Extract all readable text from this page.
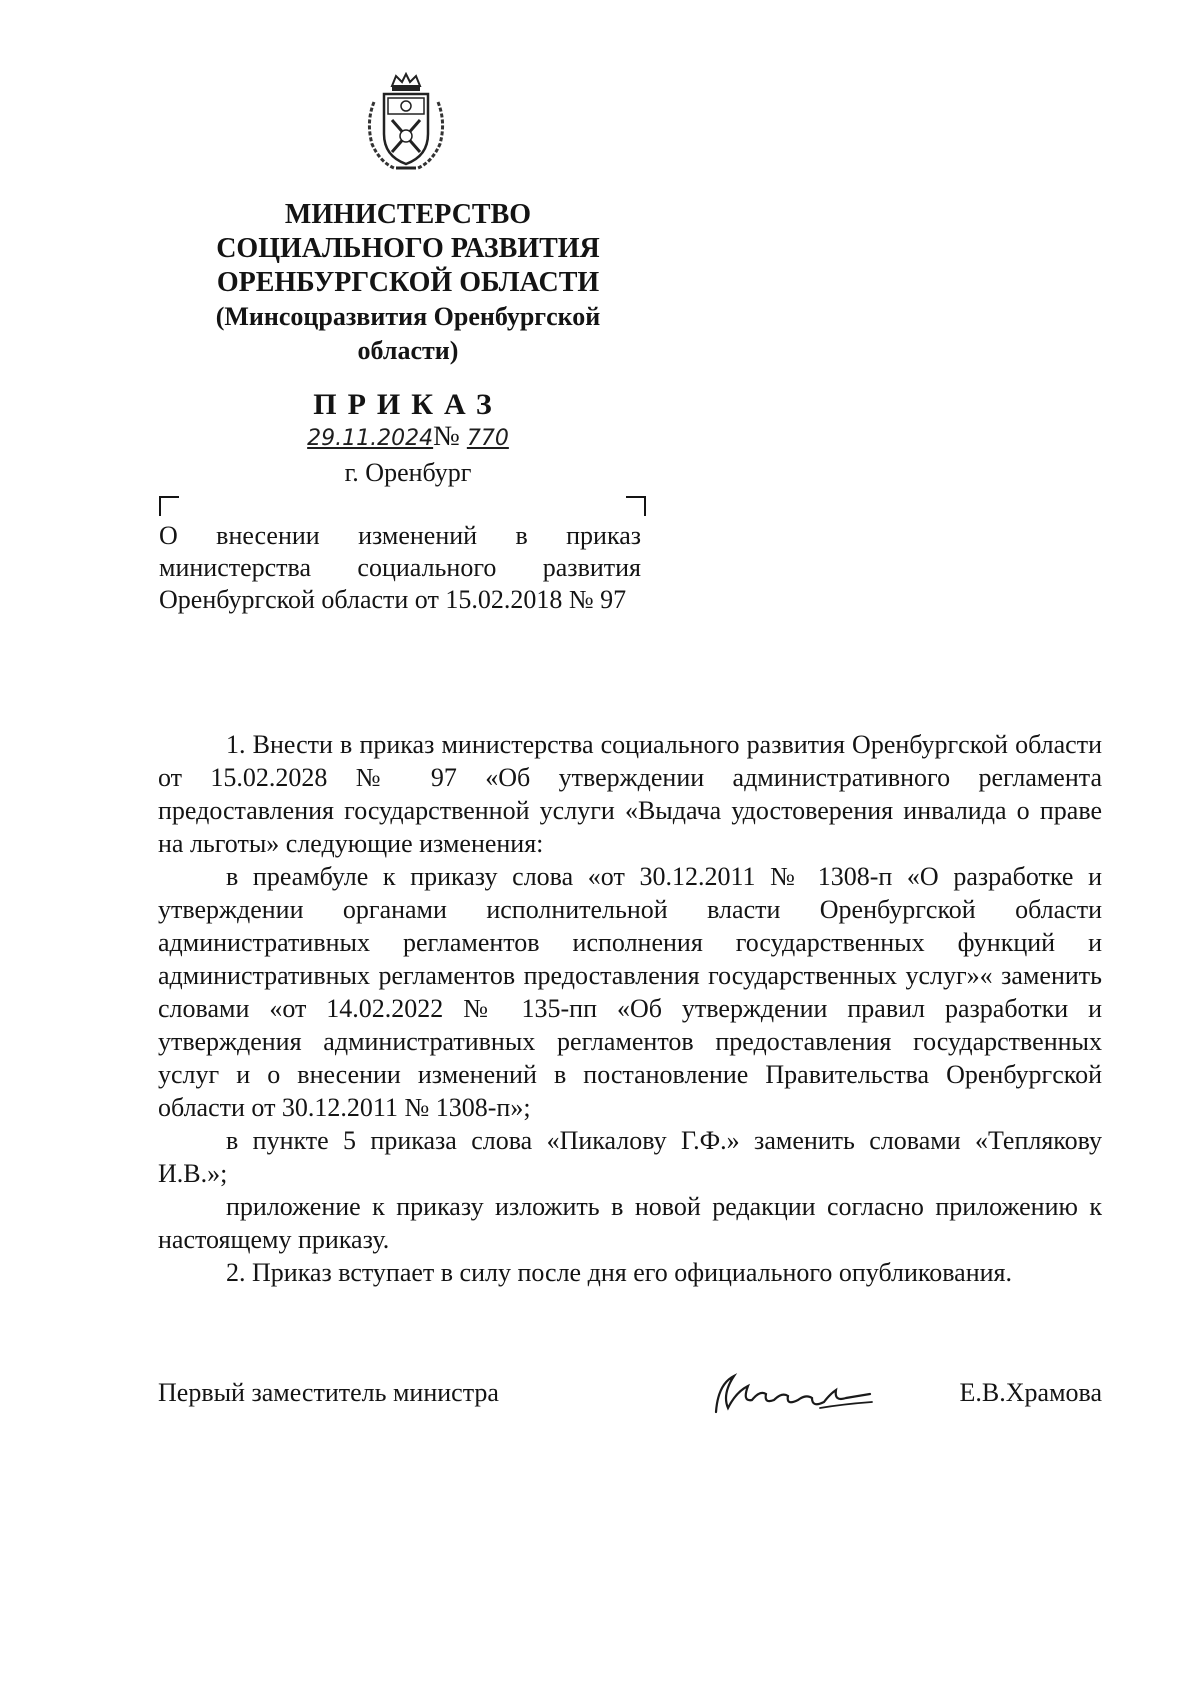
МИНИСТЕРСТВО

СОЦИАЛЬНОГО РАЗВИТИЯ

ОРЕНБУРГСКОЙ ОБЛАСТИ

(Минсоцразвития Оренбургской

области)

ПРИКАЗ

29.11.2024№ 770
г. Оренбург

О внесении изменений в приказ министерства социального развития Оренбургской области от 15.02.2018 № 97

1. Внести в приказ министерства социального развития Оренбургской области от 15.02.2028 № 97 «Об утверждении административного регламента предоставления государственной услуги «Выдача удостоверения инвалида о праве на льготы» следующие изменения:

в преамбуле к приказу слова «от 30.12.2011 № 1308-п «О разработке и утверждении органами исполнительной власти Оренбургской области административных регламентов исполнения государственных функций и административных регламентов предоставления государственных услуг»« заменить словами «от 14.02.2022 № 135-пп «Об утверждении правил разработки и утверждения административных регламентов предоставления государственных услуг и о внесении изменений в постановление Правительства Оренбургской области от 30.12.2011 № 1308-п»;

в пункте 5 приказа слова «Пикалову Г.Ф.» заменить словами «Теплякову И.В.»;

приложение к приказу изложить в новой редакции согласно приложению к настоящему приказу.

2. Приказ вступает в силу после дня его официального опубликования.

Первый заместитель министра	Е.В.Храмова
